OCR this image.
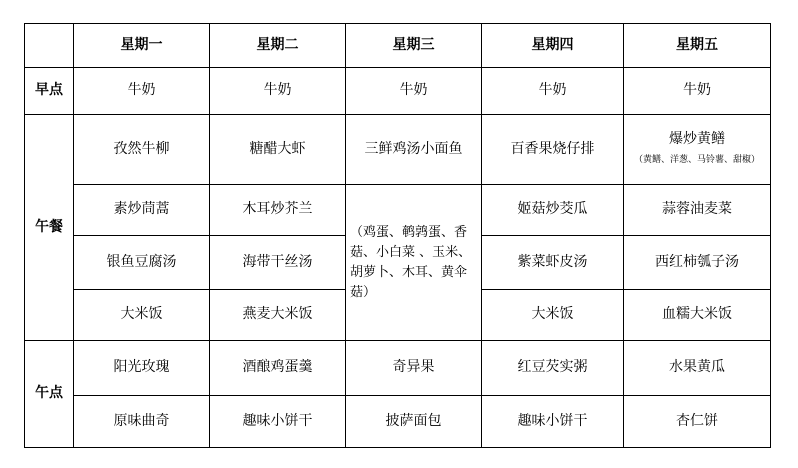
	星期一	星期二	星期三	星期四	星期五
早点	牛奶	牛奶	牛奶	牛奶	牛奶
午餐	孜然牛柳	糖醋大虾	三鲜鸡汤小面鱼	百香果烧仔排	爆炒黄鳝
（黄鳝、洋葱、马铃薯、甜椒）

	素炒茼蒿	木耳炒芥兰	（鸡蛋、鹌鹑蛋、香菇、小白菜 、玉米、胡萝卜、木耳、黄伞菇）	姬菇炒茭瓜	蒜蓉油麦菜
	银鱼豆腐汤	海带干丝汤		紫菜虾皮汤	西红柿瓠子汤
	大米饭	燕麦大米饭		大米饭	血糯大米饭
午点	阳光玫瑰	酒酿鸡蛋羹	奇异果	红豆芡实粥	水果黄瓜
	原味曲奇	趣味小饼干	披萨面包	趣味小饼干	杏仁饼
